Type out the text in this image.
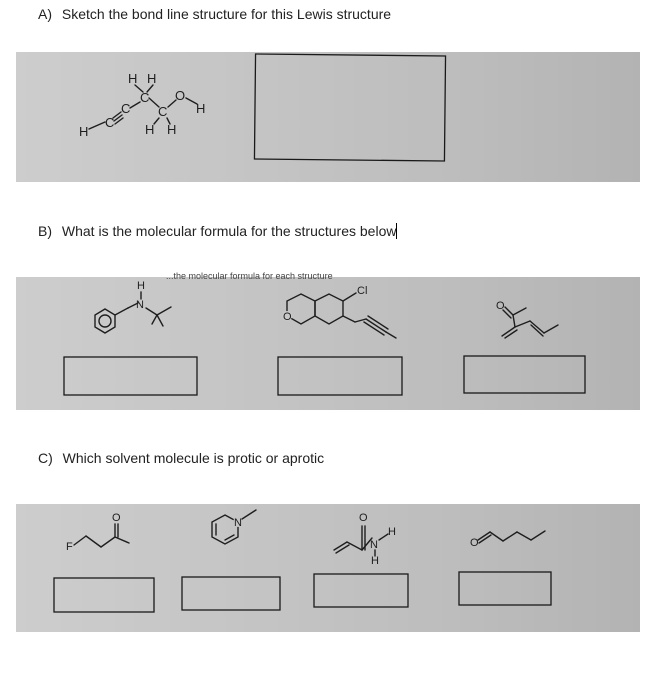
A) Sketch the bond line structure for this Lewis structure
H
C
C
C
H H
C
H H
O
H
B) What is the molecular formula for the structures below
...the molecular formula for each structure
N
H	Cl
O
O
C) Which solvent molecule is protic or aprotic
F
O	N	O
N
H
H
O
